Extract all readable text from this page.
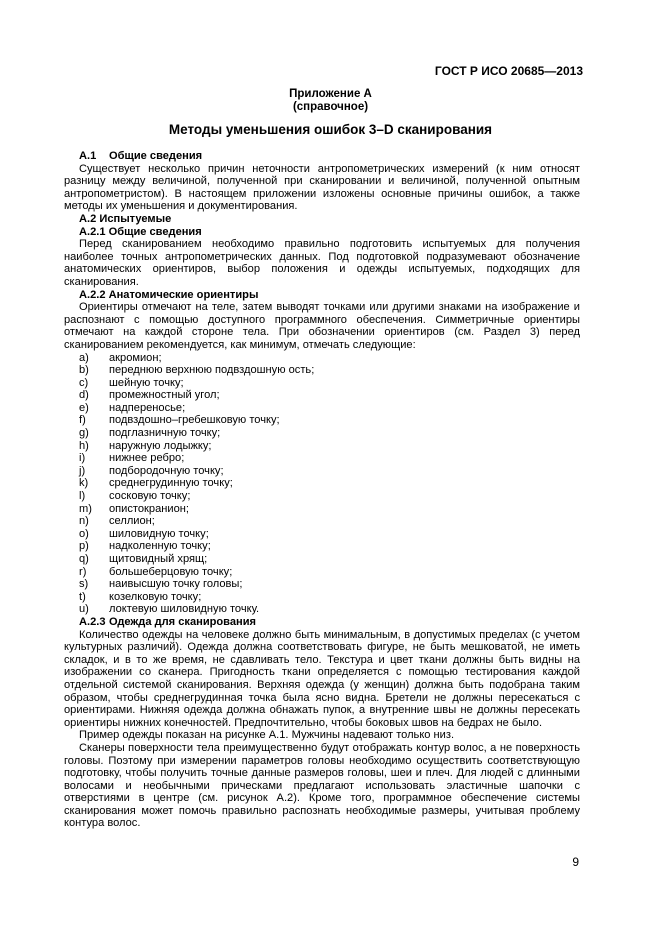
ГОСТ Р ИСО 20685—2013
Приложение А
(справочное)
Методы уменьшения ошибок 3–D сканирования
А.1 Общие сведения
Существует несколько причин неточности антропометрических измерений (к ним относят разницу между величиной, полученной при сканировании и величиной, полученной опытным антропометристом). В настоящем приложении изложены основные причины ошибок, а также методы их уменьшения и документирования.
А.2 Испытуемые
А.2.1 Общие сведения
Перед сканированием необходимо правильно подготовить испытуемых для получения наиболее точных антропометрических данных. Под подготовкой подразумевают обозначение анатомических ориентиров, выбор положения и одежды испытуемых, подходящих для сканирования.
А.2.2 Анатомические ориентиры
Ориентиры отмечают на теле, затем выводят точками или другими знаками на изображение и распознают с помощью доступного программного обеспечения. Симметричные ориентиры отмечают на каждой стороне тела. При обозначении ориентиров (см. Раздел 3) перед сканированием рекомендуется, как минимум, отмечать следующие:
a)	акромион;
b)	переднюю верхнюю подвздошную ость;
c)	шейную точку;
d)	промежностный угол;
e)	надпереносье;
f)	подвздошно–гребешковую точку;
g)	подглазничную точку;
h)	наружную лодыжку;
i)	нижнее ребро;
j)	подбородочную точку;
k)	среднегрудинную точку;
l)	сосковую точку;
m)	опистокранион;
n)	селлион;
o)	шиловидную точку;
p)	надколенную точку;
q)	щитовидный хрящ;
r)	большеберцовую точку;
s)	наивысшую точку головы;
t)	козелковую точку;
u)	локтевую шиловидную точку.
А.2.3 Одежда для сканирования
Количество одежды на человеке должно быть минимальным, в допустимых пределах (с учетом культурных различий). Одежда должна соответствовать фигуре, не быть мешковатой, не иметь складок, и в то же время, не сдавливать тело. Текстура и цвет ткани должны быть видны на изображении со сканера. Пригодность ткани определяется с помощью тестирования каждой отдельной системой сканирования. Верхняя одежда (у женщин) должна быть подобрана таким образом, чтобы среднегрудинная точка была ясно видна. Бретели не должны пересекаться с ориентирами. Нижняя одежда должна обнажать пупок, а внутренние швы не должны пересекать ориентиры нижних конечностей. Предпочтительно, чтобы боковых швов на бедрах не было.
Пример одежды показан на рисунке А.1. Мужчины надевают только низ.
Сканеры поверхности тела преимущественно будут отображать контур волос, а не поверхность головы. Поэтому при измерении параметров головы необходимо осуществить соответствующую подготовку, чтобы получить точные данные размеров головы, шеи и плеч. Для людей с длинными волосами и необычными прическами предлагают использовать эластичные шапочки с отверстиями в центре (см. рисунок А.2). Кроме того, программное обеспечение системы сканирования может помочь правильно распознать необходимые размеры, учитывая проблему контура волос.
9
